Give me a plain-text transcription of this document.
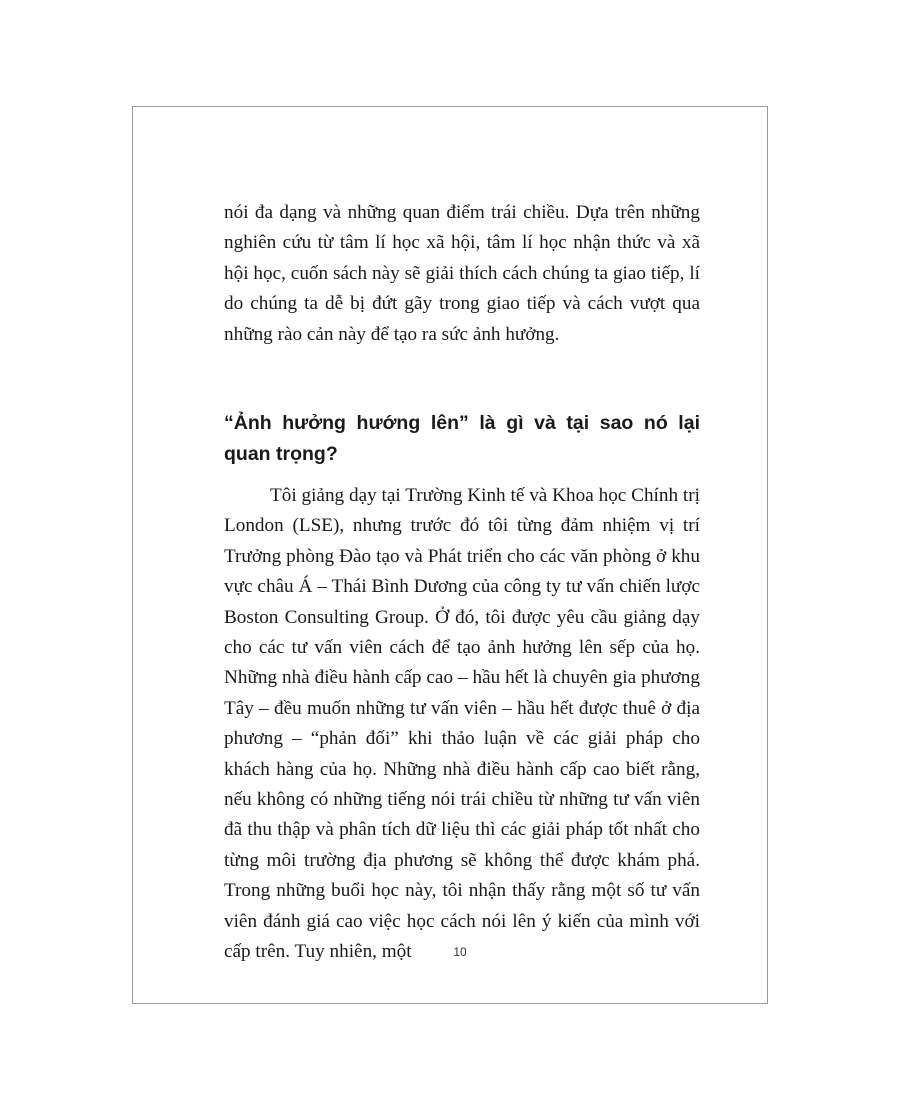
nói đa dạng và những quan điểm trái chiều. Dựa trên những nghiên cứu từ tâm lí học xã hội, tâm lí học nhận thức và xã hội học, cuốn sách này sẽ giải thích cách chúng ta giao tiếp, lí do chúng ta dễ bị đứt gãy trong giao tiếp và cách vượt qua những rào cản này để tạo ra sức ảnh hưởng.

“Ảnh hưởng hướng lên” là gì và tại sao nó lại quan trọng?

Tôi giảng dạy tại Trường Kinh tế và Khoa học Chính trị London (LSE), nhưng trước đó tôi từng đảm nhiệm vị trí Trưởng phòng Đào tạo và Phát triển cho các văn phòng ở khu vực châu Á – Thái Bình Dương của công ty tư vấn chiến lược Boston Consulting Group. Ở đó, tôi được yêu cầu giảng dạy cho các tư vấn viên cách để tạo ảnh hưởng lên sếp của họ. Những nhà điều hành cấp cao – hầu hết là chuyên gia phương Tây – đều muốn những tư vấn viên – hầu hết được thuê ở địa phương – “phản đối” khi thảo luận về các giải pháp cho khách hàng của họ. Những nhà điều hành cấp cao biết rằng, nếu không có những tiếng nói trái chiều từ những tư vấn viên đã thu thập và phân tích dữ liệu thì các giải pháp tốt nhất cho từng môi trường địa phương sẽ không thể được khám phá. Trong những buổi học này, tôi nhận thấy rằng một số tư vấn viên đánh giá cao việc học cách nói lên ý kiến của mình với cấp trên. Tuy nhiên, một	10
